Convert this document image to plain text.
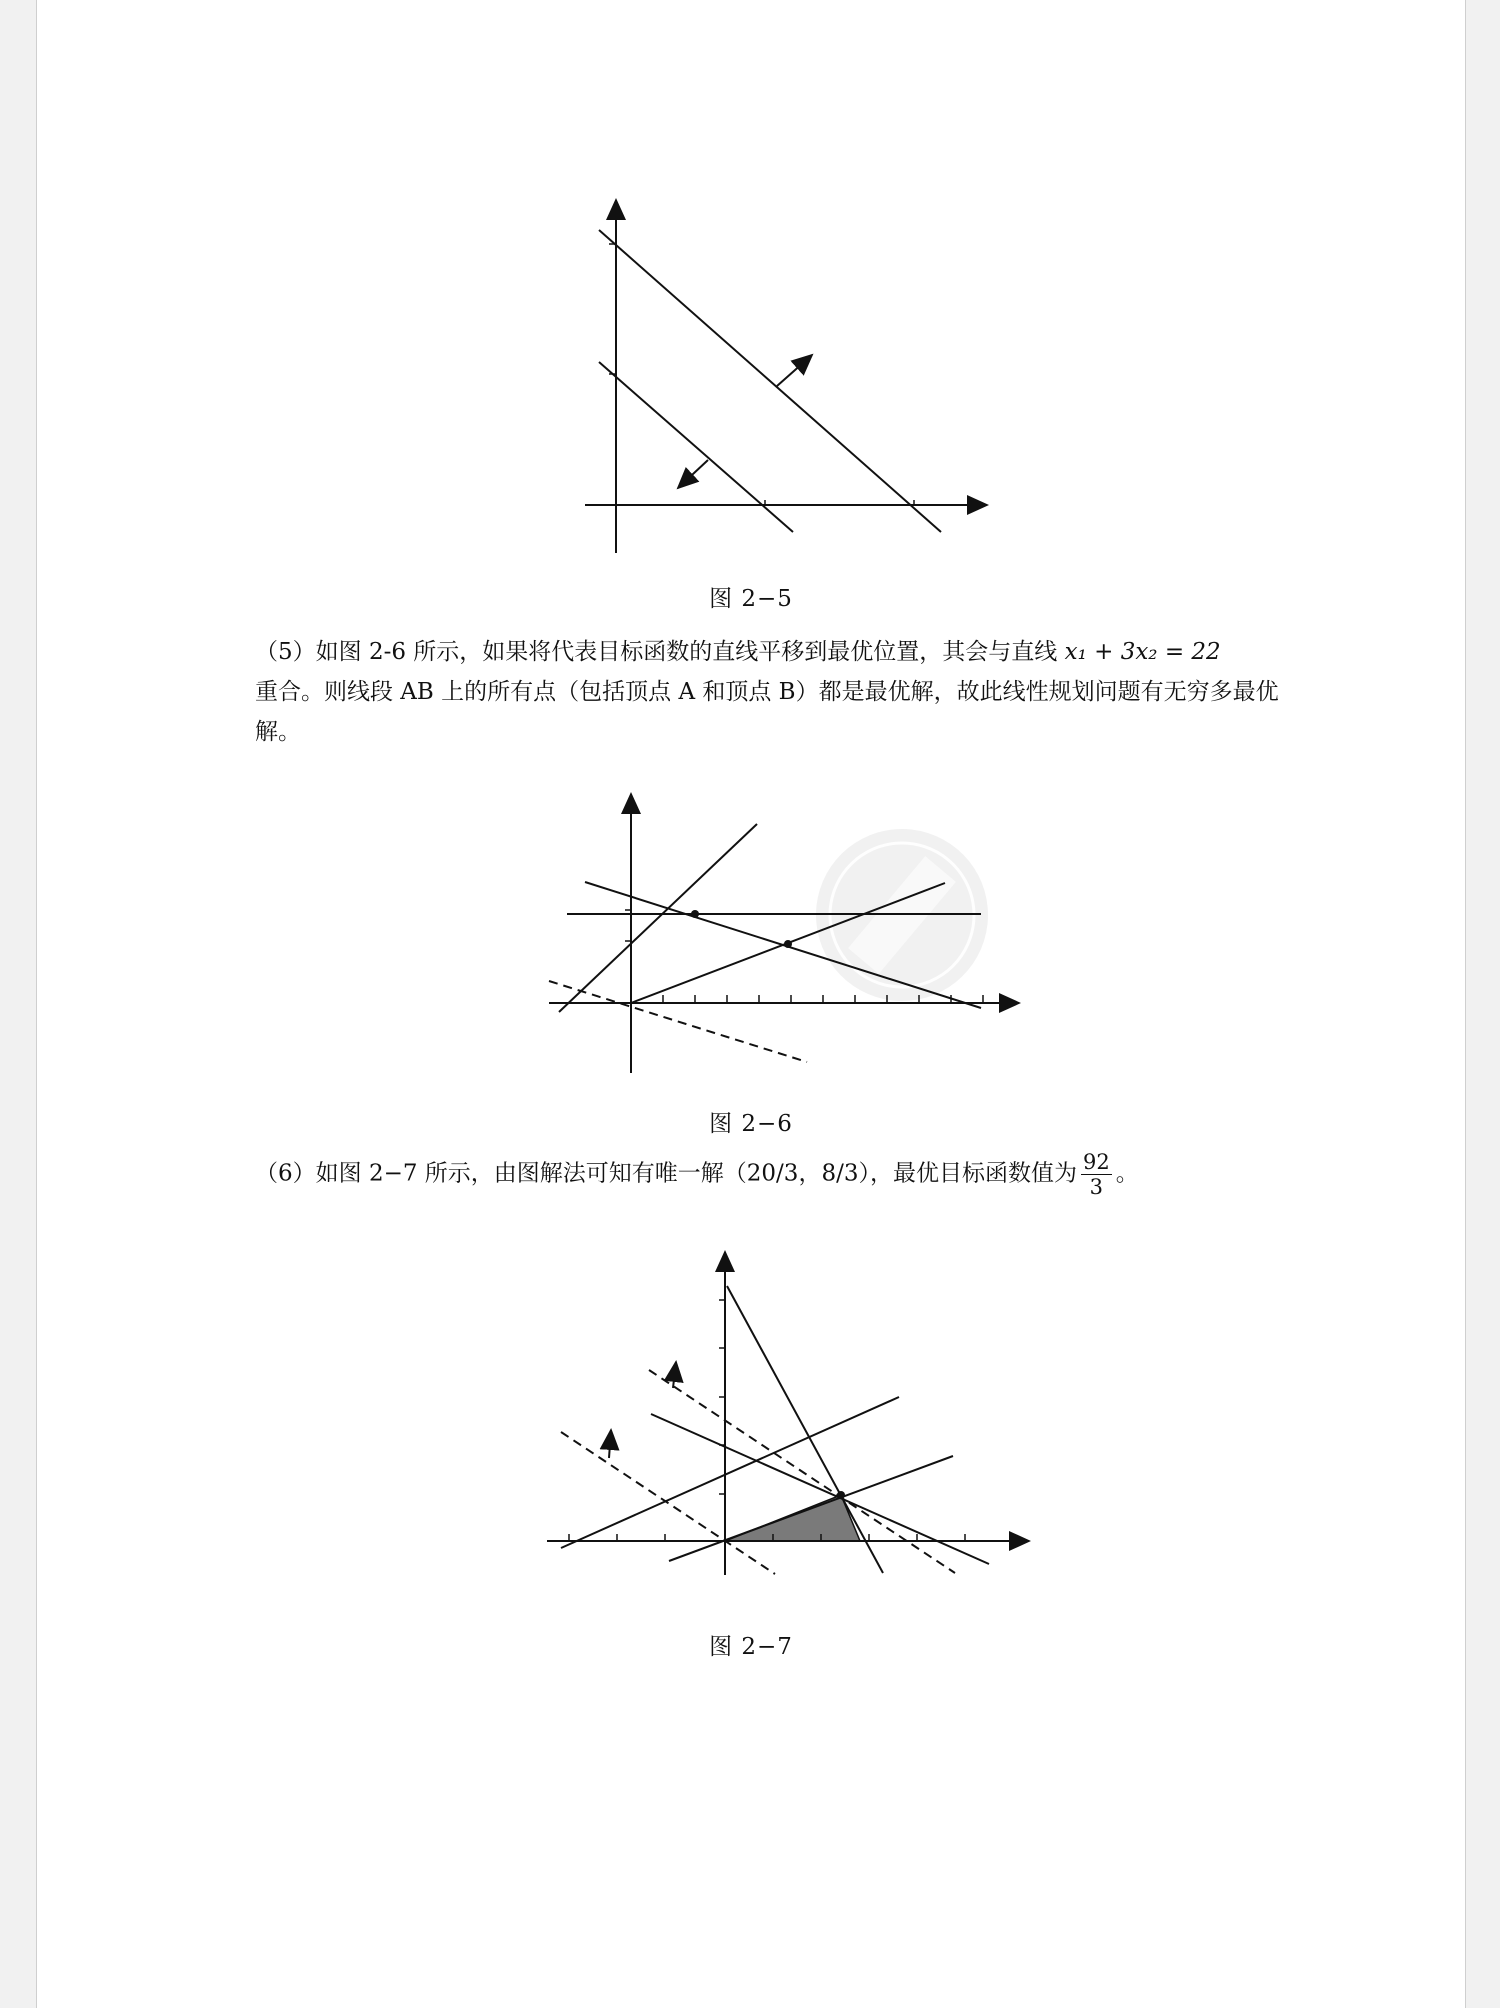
图 2−5
（5）如图 2-6 所示，如果将代表目标函数的直线平移到最优位置，其会与直线 x₁ + 3x₂ = 22
重合。则线段 AB 上的所有点（包括顶点 A 和顶点 B）都是最优解，故此线性规划问题有无穷多最优解。
图 2−6
（6）如图 2−7 所示，由图解法可知有唯一解（20/3，8/3），最优目标函数值为 $\frac{92}{3}$ 。
图 2−7
